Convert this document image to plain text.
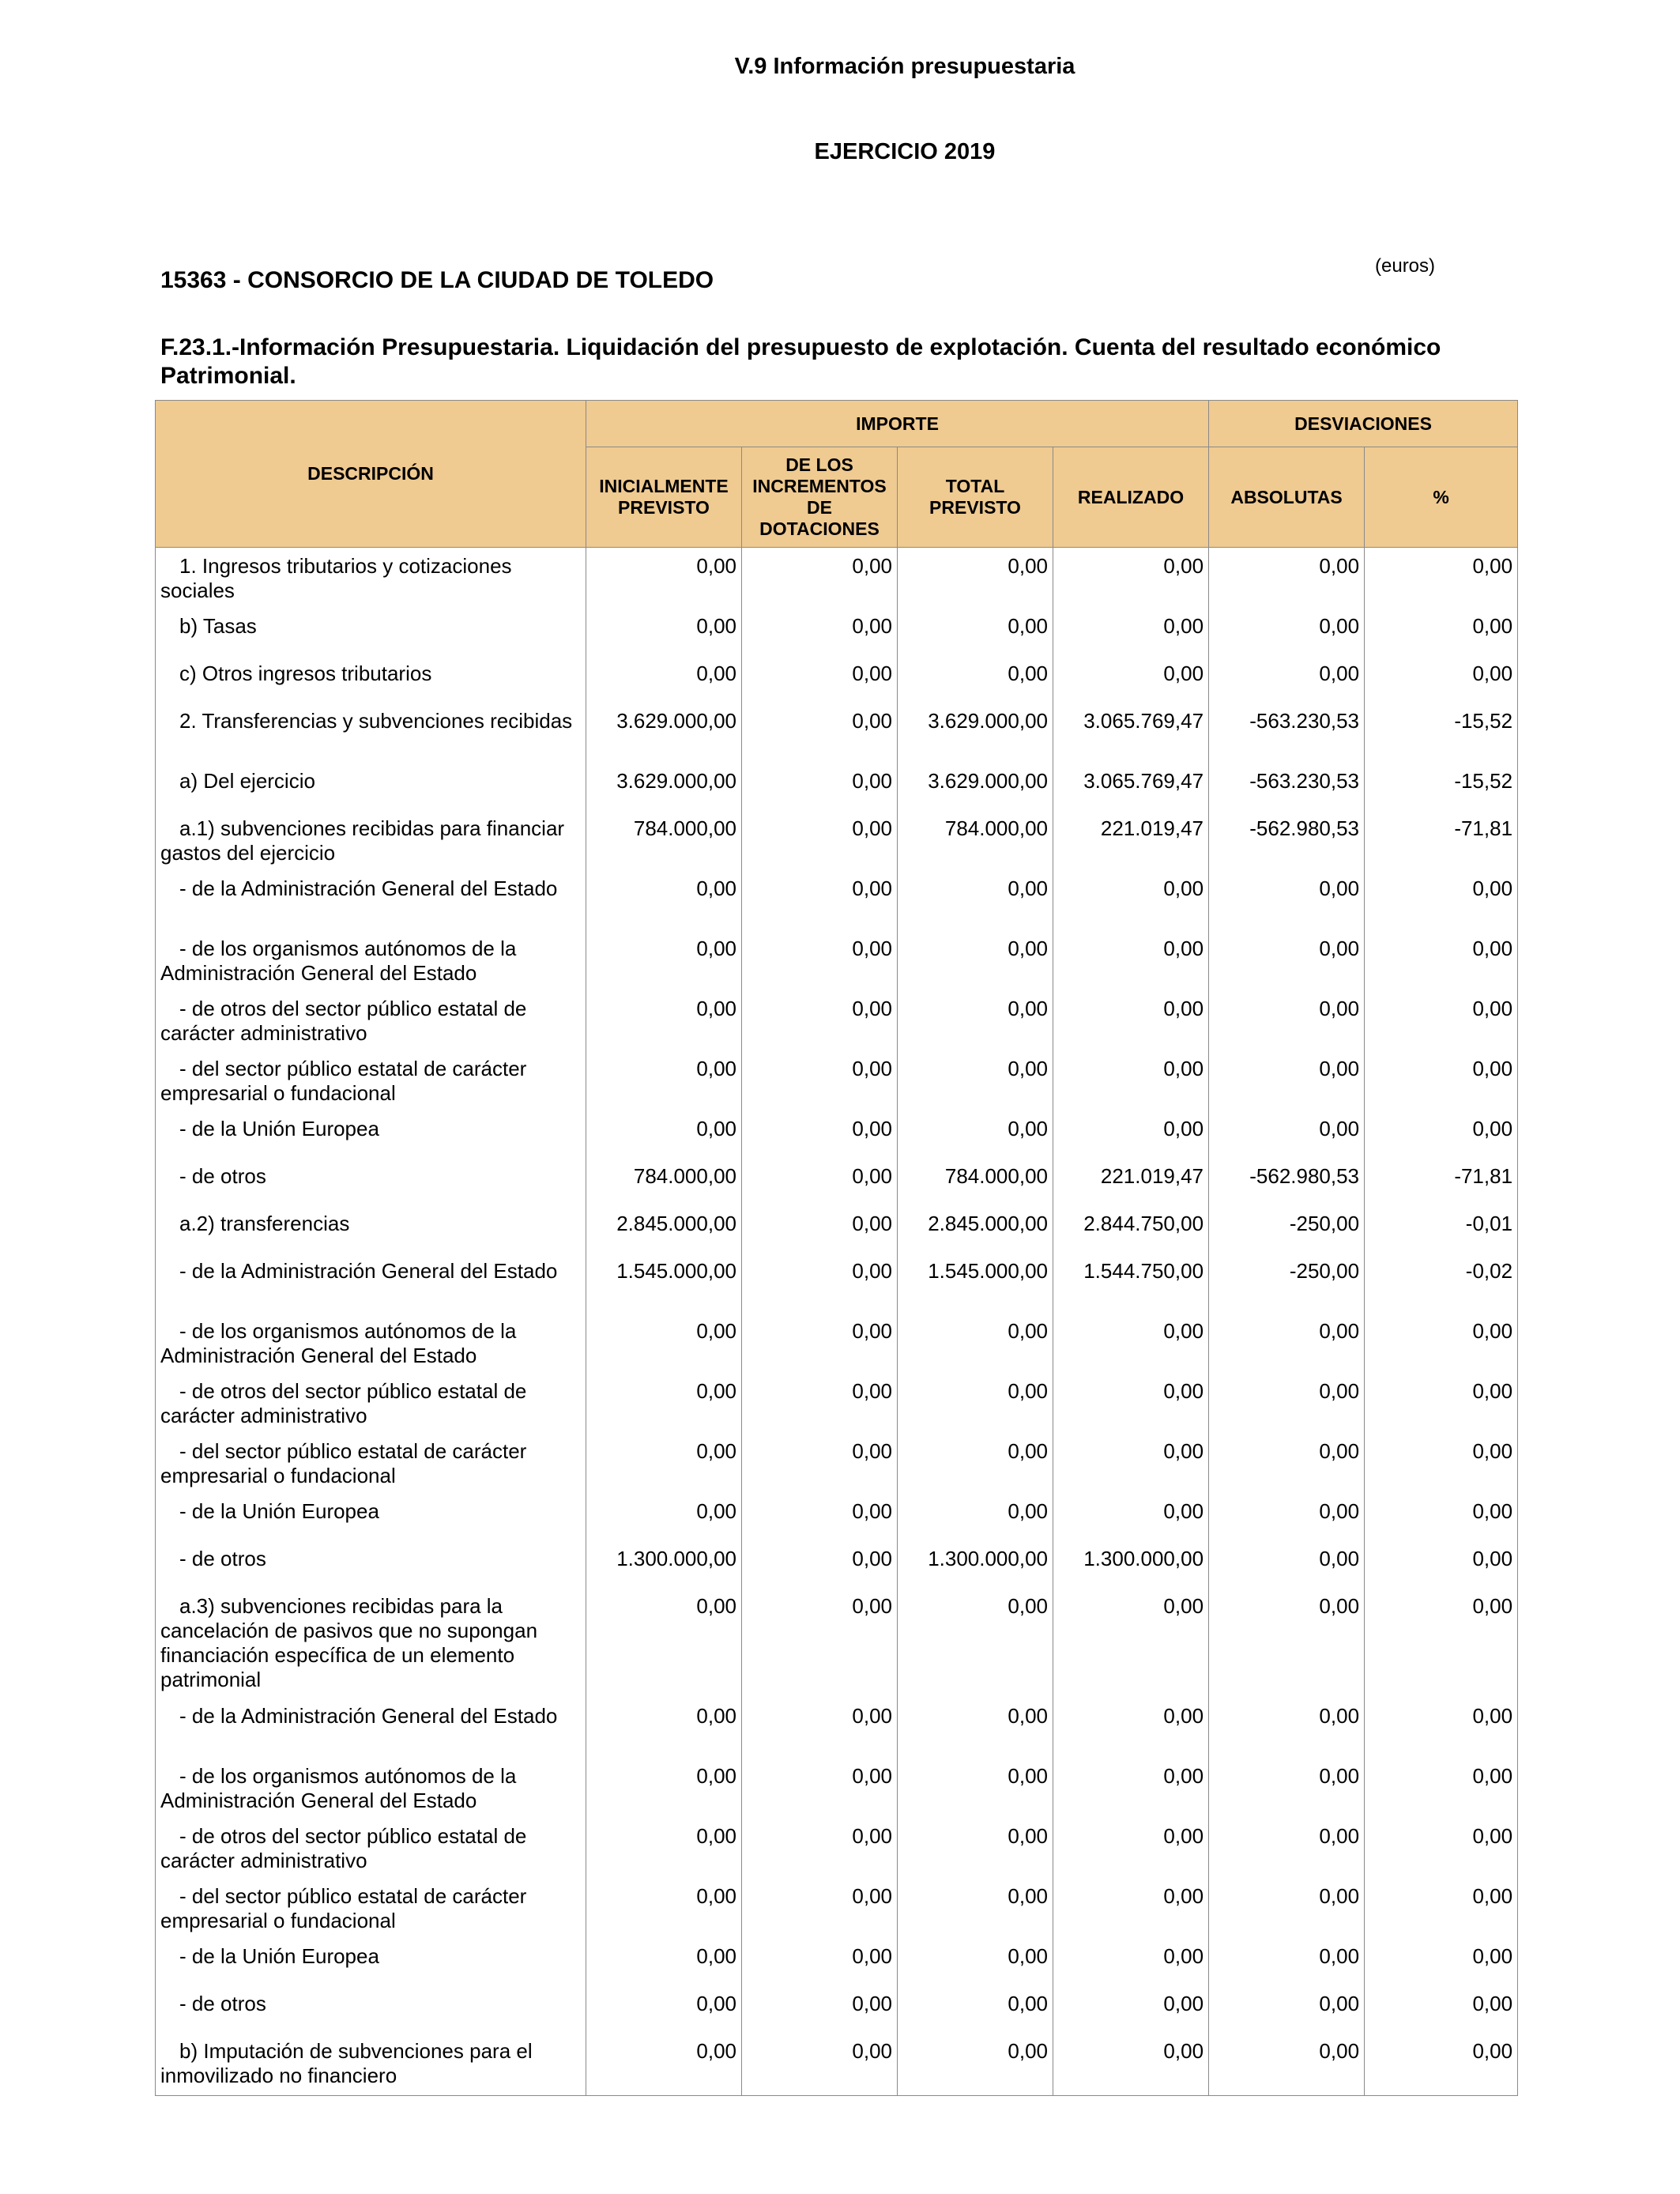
V.9 Información presupuestaria
EJERCICIO 2019
(euros)
15363 - CONSORCIO DE LA CIUDAD DE TOLEDO
F.23.1.-Información Presupuestaria. Liquidación del presupuesto de explotación. Cuenta del resultado económico Patrimonial.
DESCRIPCIÓN	IMPORTE				DESVIACIONES	
	INICIALMENTE PREVISTO	DE LOS INCREMENTOS DE DOTACIONES	TOTAL PREVISTO	REALIZADO	ABSOLUTAS	%
1. Ingresos tributarios y cotizaciones sociales	0,00	0,00	0,00	0,00	0,00	0,00
b) Tasas	0,00	0,00	0,00	0,00	0,00	0,00
c) Otros ingresos tributarios	0,00	0,00	0,00	0,00	0,00	0,00
2. Transferencias y subvenciones recibidas	3.629.000,00	0,00	3.629.000,00	3.065.769,47	-563.230,53	-15,52
a) Del ejercicio	3.629.000,00	0,00	3.629.000,00	3.065.769,47	-563.230,53	-15,52
a.1) subvenciones recibidas para financiar gastos del ejercicio	784.000,00	0,00	784.000,00	221.019,47	-562.980,53	-71,81
- de la Administración General del Estado	0,00	0,00	0,00	0,00	0,00	0,00
- de los organismos autónomos de la Administración General del Estado	0,00	0,00	0,00	0,00	0,00	0,00
- de otros del sector público estatal de carácter administrativo	0,00	0,00	0,00	0,00	0,00	0,00
- del sector público estatal de carácter empresarial o fundacional	0,00	0,00	0,00	0,00	0,00	0,00
- de la Unión Europea	0,00	0,00	0,00	0,00	0,00	0,00
- de otros	784.000,00	0,00	784.000,00	221.019,47	-562.980,53	-71,81
a.2) transferencias	2.845.000,00	0,00	2.845.000,00	2.844.750,00	-250,00	-0,01
- de la Administración General del Estado	1.545.000,00	0,00	1.545.000,00	1.544.750,00	-250,00	-0,02
- de los organismos autónomos de la Administración General del Estado	0,00	0,00	0,00	0,00	0,00	0,00
- de otros del sector público estatal de carácter administrativo	0,00	0,00	0,00	0,00	0,00	0,00
- del sector público estatal de carácter empresarial o fundacional	0,00	0,00	0,00	0,00	0,00	0,00
- de la Unión Europea	0,00	0,00	0,00	0,00	0,00	0,00
- de otros	1.300.000,00	0,00	1.300.000,00	1.300.000,00	0,00	0,00
a.3) subvenciones recibidas para la cancelación de pasivos que no supongan financiación específica de un elemento patrimonial	0,00	0,00	0,00	0,00	0,00	0,00
- de la Administración General del Estado	0,00	0,00	0,00	0,00	0,00	0,00
- de los organismos autónomos de la Administración General del Estado	0,00	0,00	0,00	0,00	0,00	0,00
- de otros del sector público estatal de carácter administrativo	0,00	0,00	0,00	0,00	0,00	0,00
- del sector público estatal de carácter empresarial o fundacional	0,00	0,00	0,00	0,00	0,00	0,00
- de la Unión Europea	0,00	0,00	0,00	0,00	0,00	0,00
- de otros	0,00	0,00	0,00	0,00	0,00	0,00
b) Imputación de subvenciones para el inmovilizado no financiero	0,00	0,00	0,00	0,00	0,00	0,00
